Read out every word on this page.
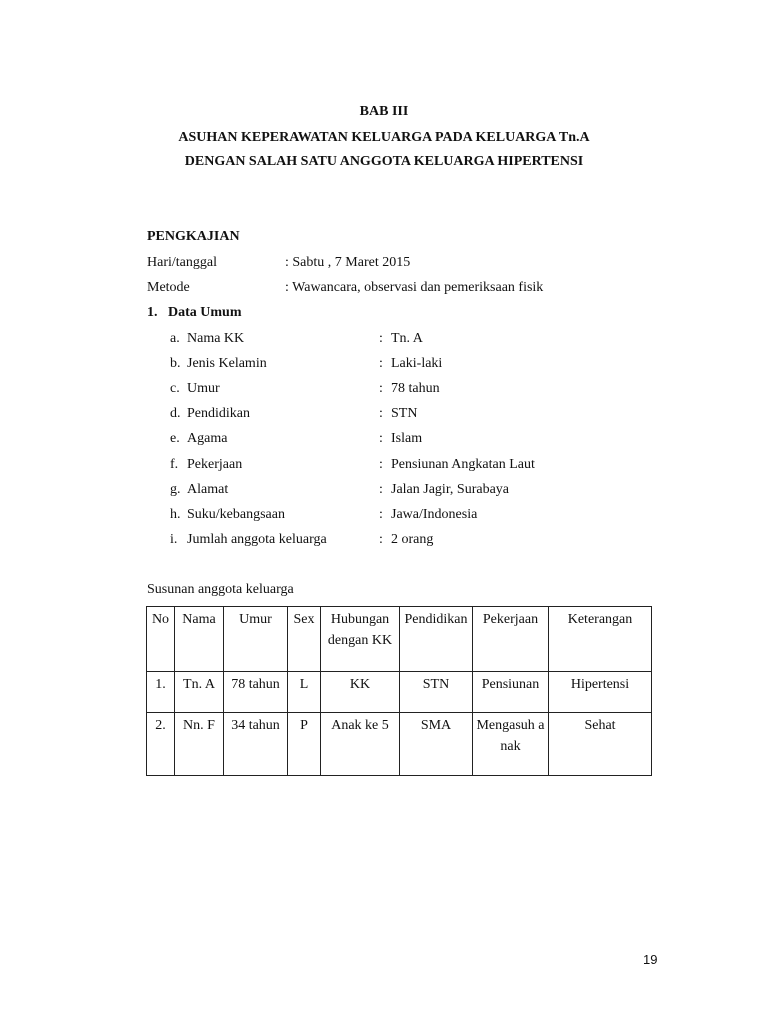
BAB III
ASUHAN KEPERAWATAN KELUARGA PADA KELUARGA Tn.A
DENGAN SALAH SATU ANGGOTA KELUARGA HIPERTENSI
PENGKAJIAN
Hari/tanggal	: Sabtu , 7 Maret 2015
Metode	: Wawancara, observasi dan pemeriksaan fisik
1. Data Umum
a. Nama KK	: Tn. A
b. Jenis Kelamin	: Laki-laki
c. Umur	: 78 tahun
d. Pendidikan	: STN
e. Agama	: Islam
f. Pekerjaan	: Pensiunan Angkatan Laut
g. Alamat	: Jalan Jagir, Surabaya
h. Suku/kebangsaan	: Jawa/Indonesia
i. Jumlah anggota keluarga	: 2 orang
Susunan anggota keluarga
No	Nama	Umur	Sex	Hubungan dengan KK	Pendidikan	Pekerjaan	Keterangan
1.	Tn. A	78 tahun	L	KK	STN	Pensiunan	Hipertensi
2.	Nn. F	34 tahun	P	Anak ke 5	SMA	Mengasuh anak	Sehat
19
